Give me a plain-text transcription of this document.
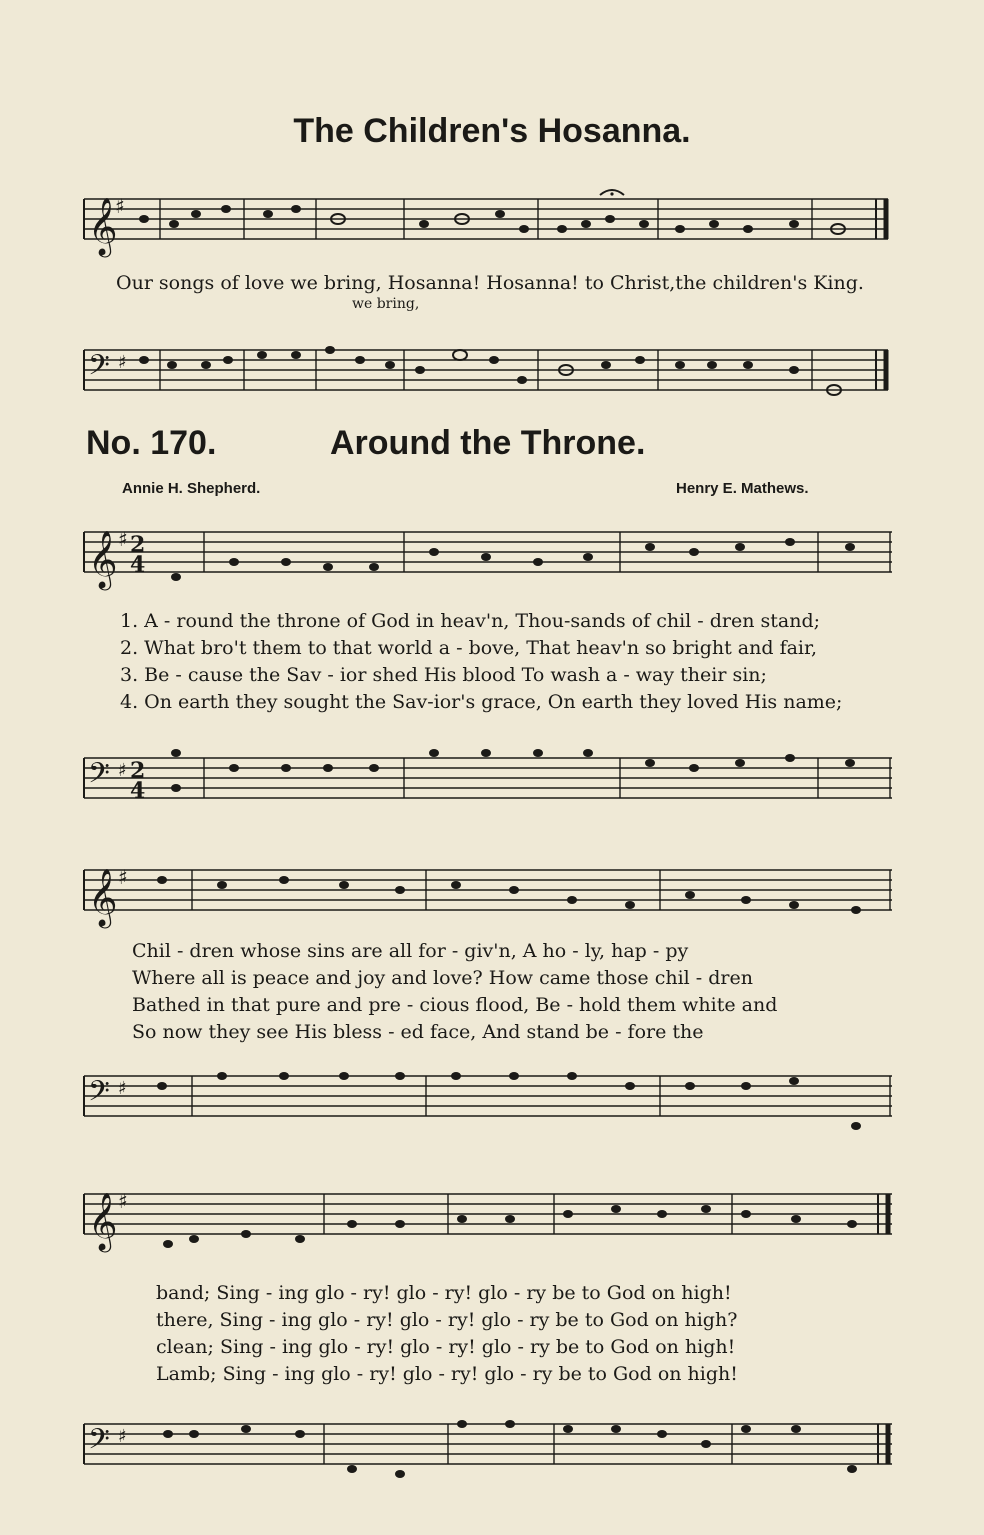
The Children's Hosanna.
𝄞
♯
Our songs of love we bring, Hosanna! Hosanna! to Christ,the children's King.
we bring,
𝄢 ♯
No. 170.	Around the Throne.
Annie H. Shepherd.	Henry E. Mathews.
𝄞 ♯ 2
4
1. A - round the throne of God in heav'n, Thou-sands of chil - dren stand;
2. What bro't them to that world a - bove, That heav'n so bright and fair,
3. Be - cause the Sav - ior shed His blood To wash a - way their sin;
4. On earth they sought the Sav-ior's grace, On earth they loved His name;
𝄢 ♯ 2
4
𝄞 ♯
Chil - dren whose sins are all for - giv'n, A ho - ly, hap - py
Where all is peace and joy and love? How came those chil - dren
Bathed in that pure and pre - cious flood, Be - hold them white and
So now they see His bless - ed face, And stand be - fore the
𝄢 ♯
𝄞 ♯
band; Sing - ing glo - ry! glo - ry! glo - ry be to God on high!
there, Sing - ing glo - ry! glo - ry! glo - ry be to God on high?
clean; Sing - ing glo - ry! glo - ry! glo - ry be to God on high!
Lamb; Sing - ing glo - ry! glo - ry! glo - ry be to God on high!
𝄢 ♯
